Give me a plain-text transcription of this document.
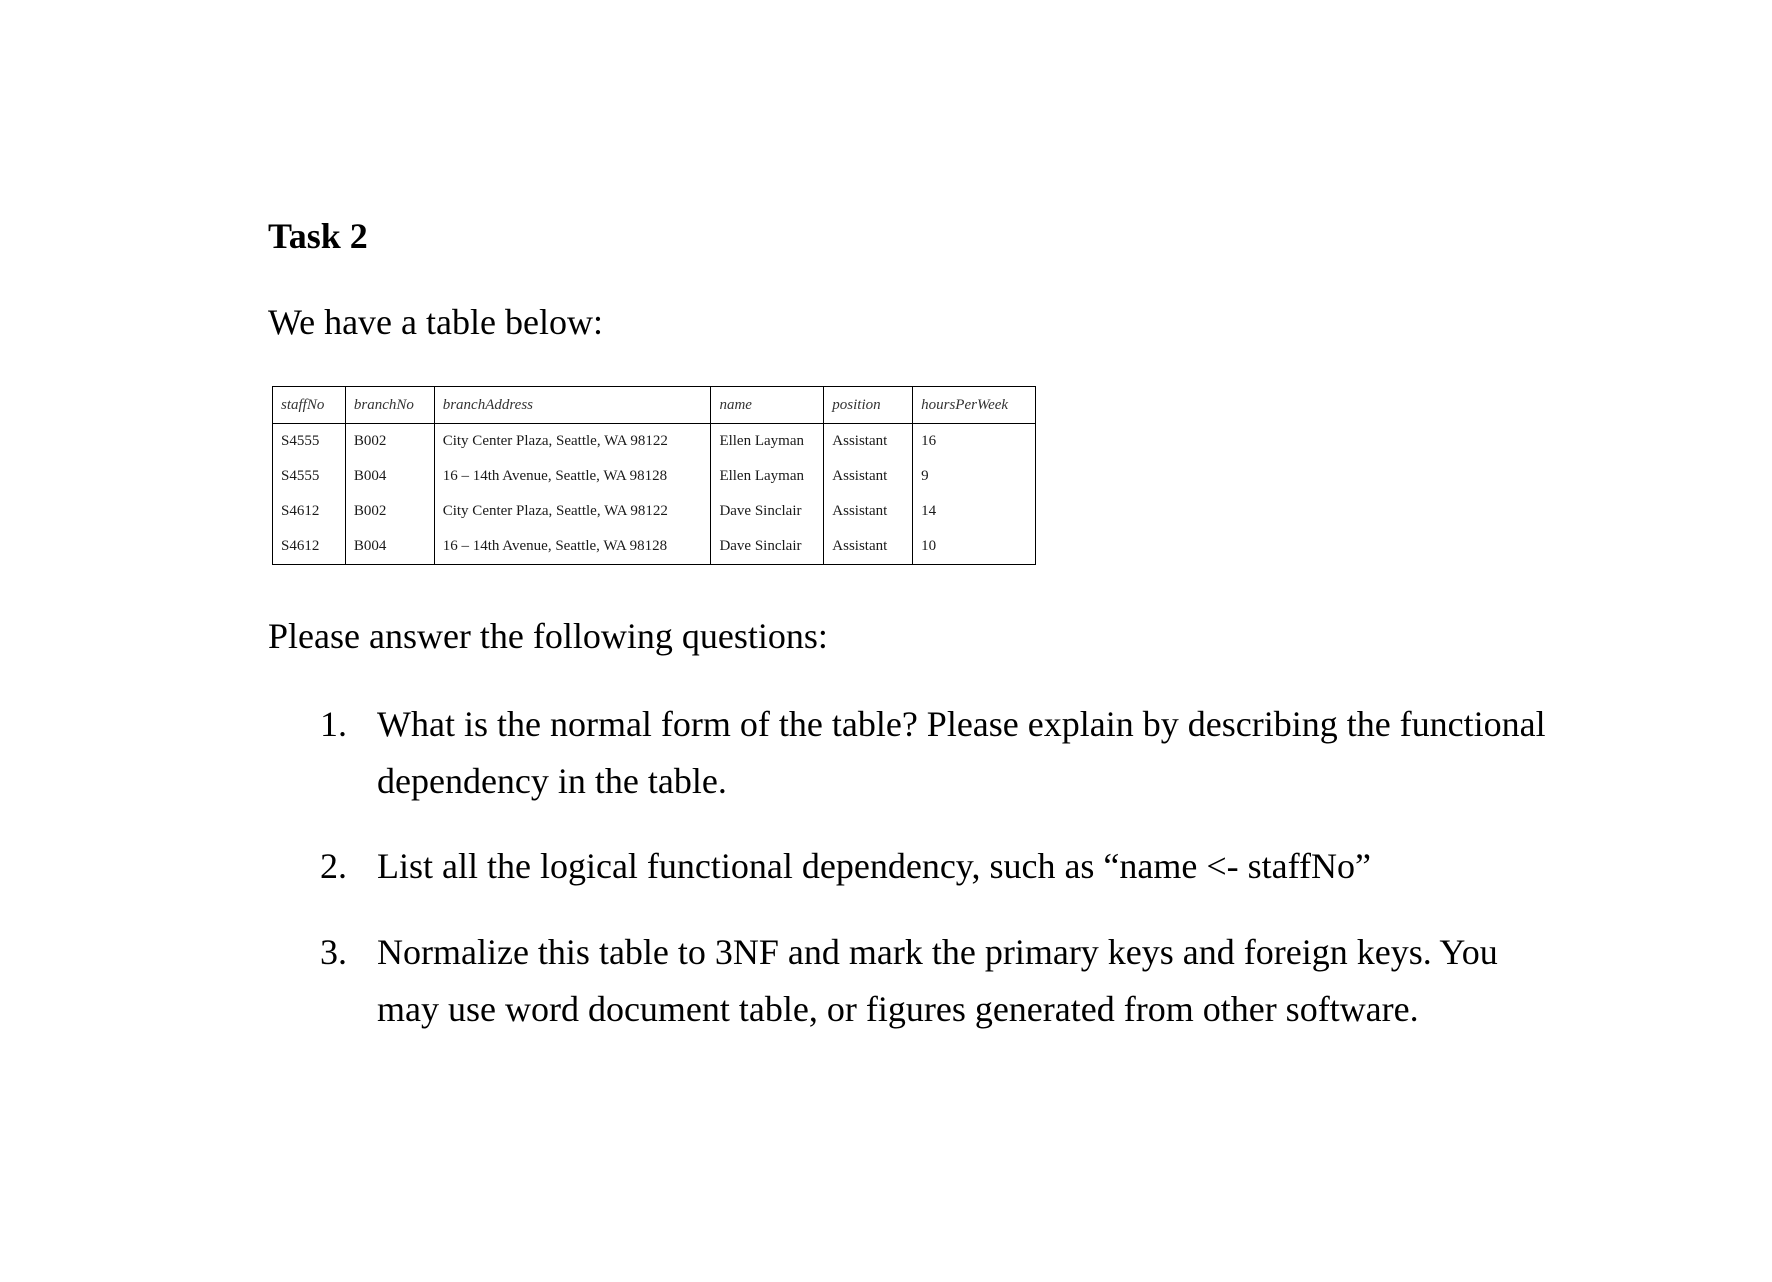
Task 2

We have a table below:

staffNo	branchNo	branchAddress	name	position	hoursPerWeek
S4555	B002	City Center Plaza, Seattle, WA 98122	Ellen Layman	Assistant	16
S4555	B004	16 – 14th Avenue, Seattle, WA 98128	Ellen Layman	Assistant	9
S4612	B002	City Center Plaza, Seattle, WA 98122	Dave Sinclair	Assistant	14
S4612	B004	16 – 14th Avenue, Seattle, WA 98128	Dave Sinclair	Assistant	10

Please answer the following questions:

1. What is the normal form of the table? Please explain by describing the functional dependency in the table.
2. List all the logical functional dependency, such as “name <- staffNo”
3. Normalize this table to 3NF and mark the primary keys and foreign keys. You may use word document table, or figures generated from other software.
